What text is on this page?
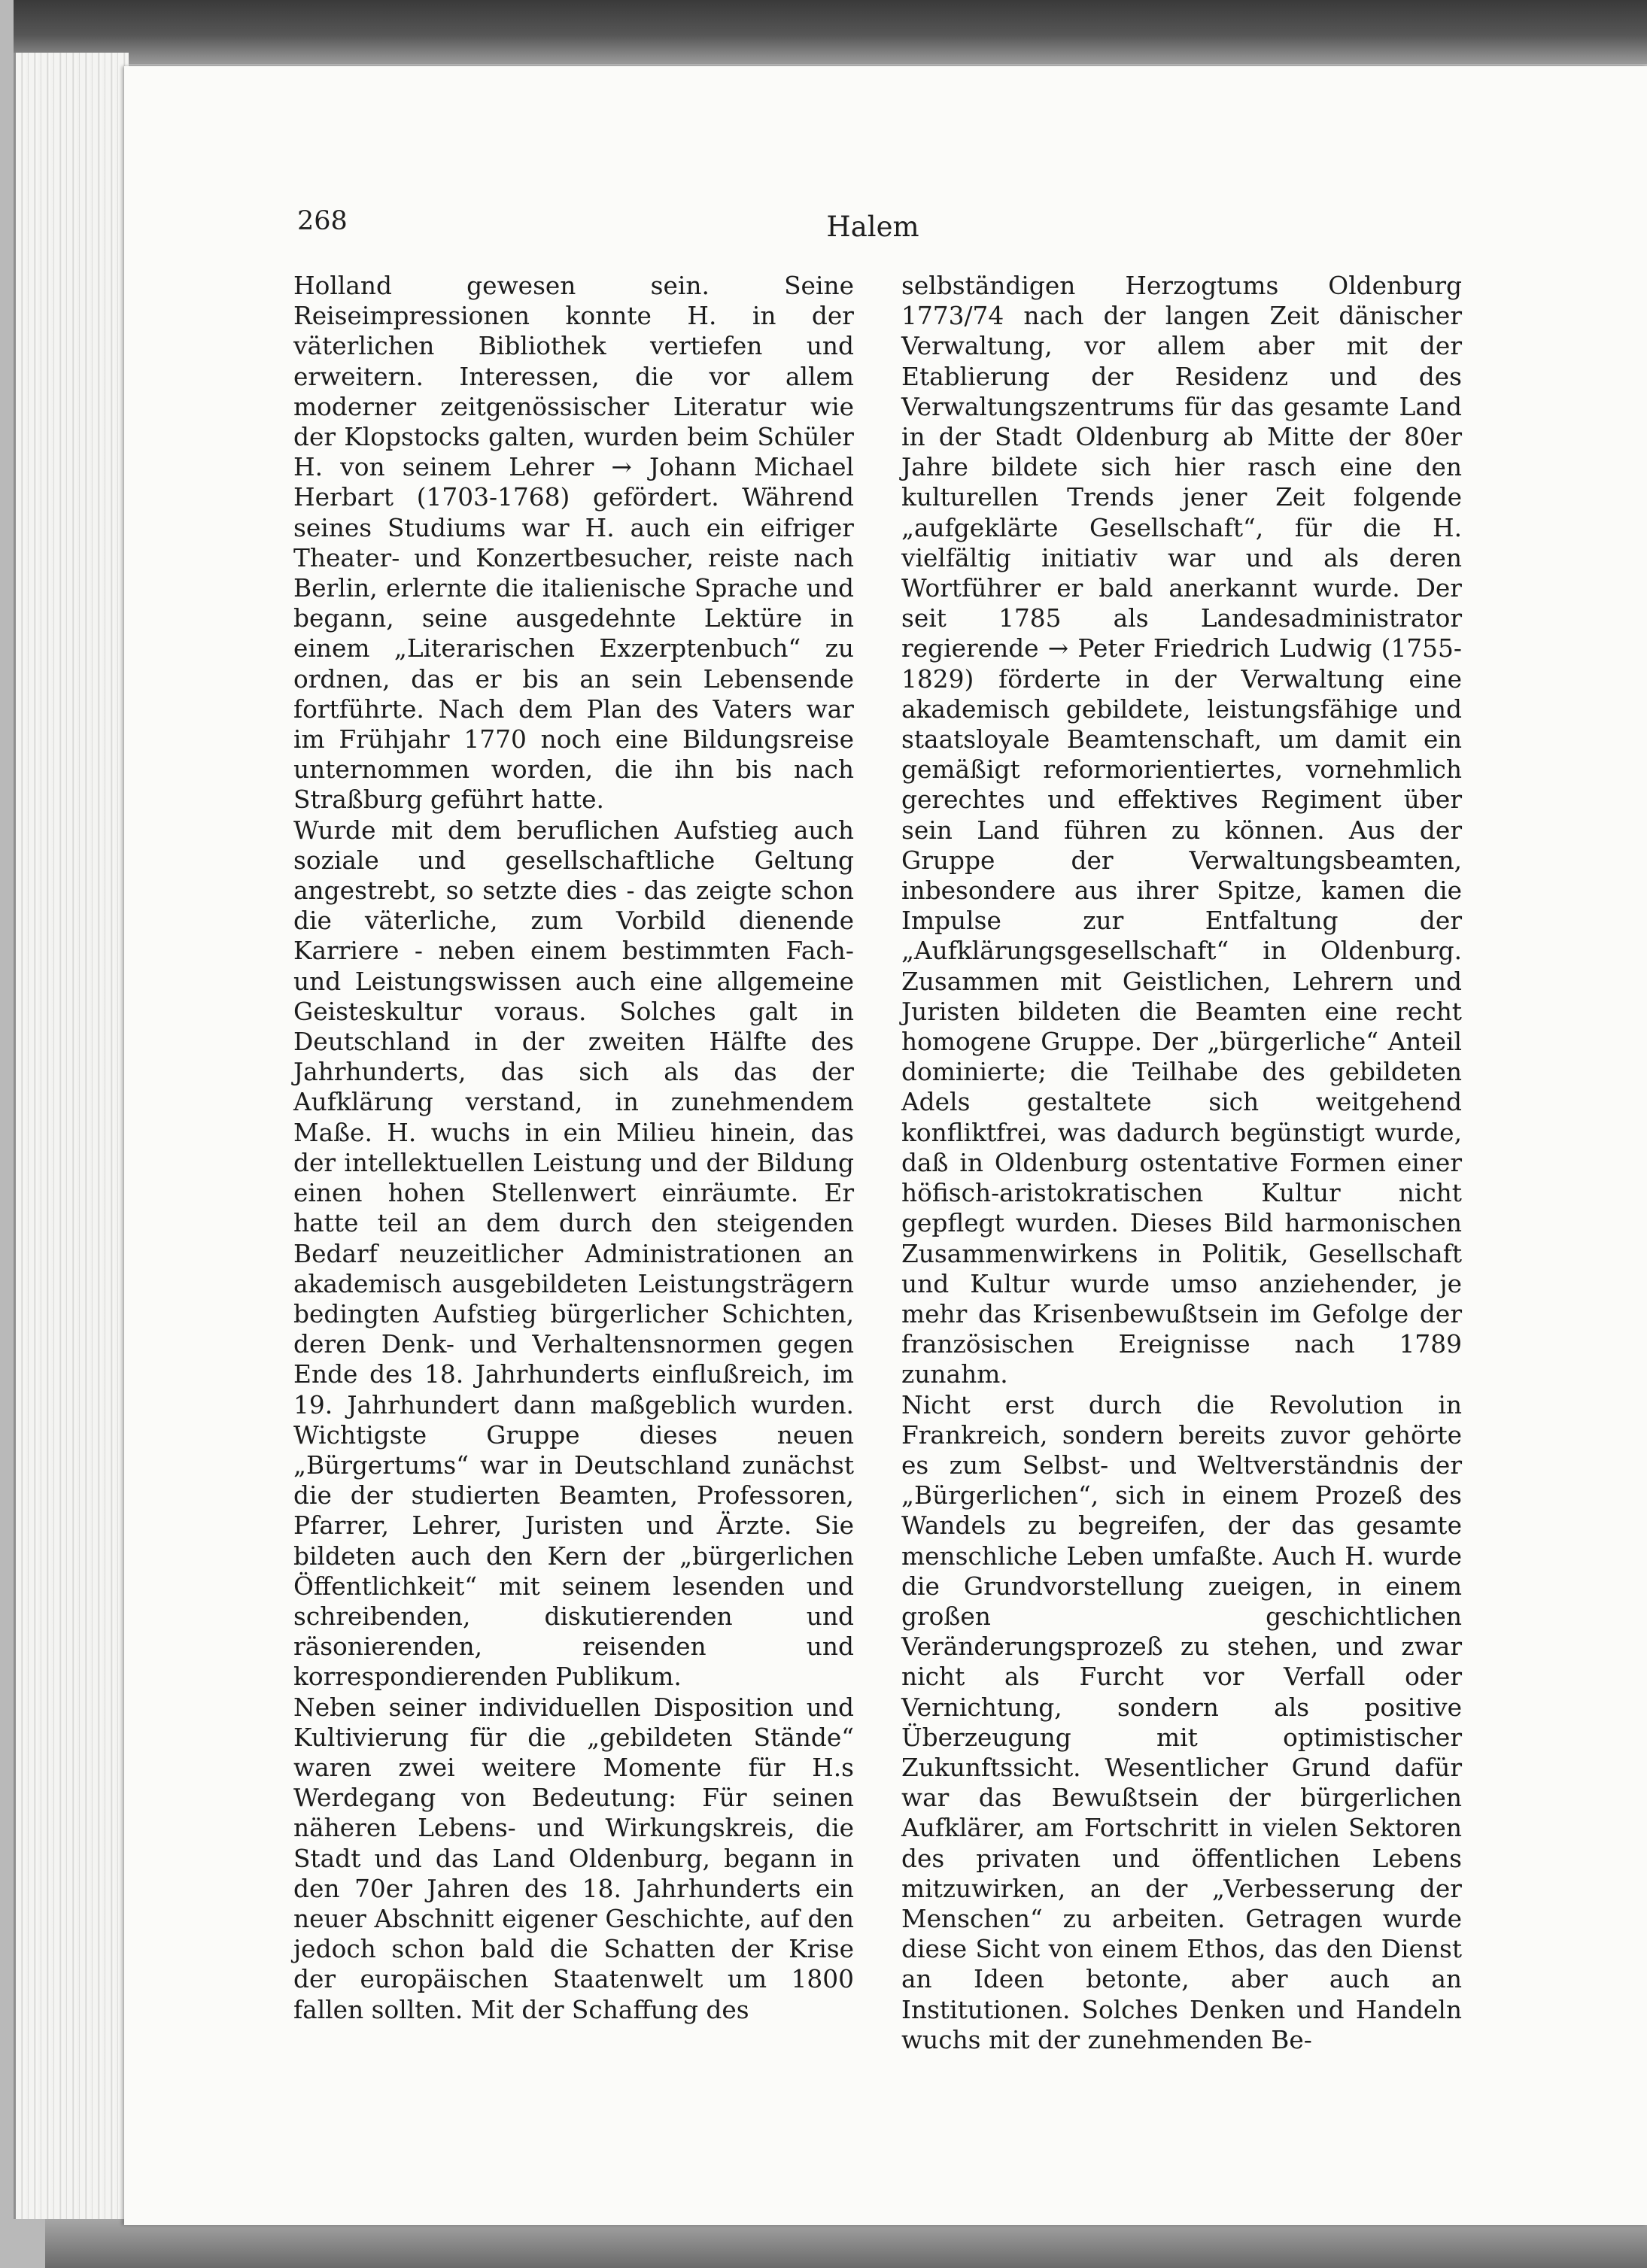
268	Halem

Holland gewesen sein. Seine Reiseimpressionen konnte H. in der väterlichen Bibliothek vertiefen und erweitern. Interessen, die vor allem moderner zeitgenössischer Literatur wie der Klopstocks galten, wurden beim Schüler H. von seinem Lehrer → Johann Michael Herbart (1703-1768) gefördert. Während seines Studiums war H. auch ein eifriger Theater- und Konzertbesucher, reiste nach Berlin, erlernte die italienische Sprache und begann, seine ausgedehnte Lektüre in einem „Literarischen Exzerptenbuch“ zu ordnen, das er bis an sein Lebensende fortführte. Nach dem Plan des Vaters war im Frühjahr 1770 noch eine Bildungsreise unternommen worden, die ihn bis nach Straßburg geführt hatte.

Wurde mit dem beruflichen Aufstieg auch soziale und gesellschaftliche Geltung angestrebt, so setzte dies - das zeigte schon die väterliche, zum Vorbild dienende Karriere - neben einem bestimmten Fach- und Leistungswissen auch eine allgemeine Geisteskultur voraus. Solches galt in Deutschland in der zweiten Hälfte des Jahrhunderts, das sich als das der Aufklärung verstand, in zunehmendem Maße. H. wuchs in ein Milieu hinein, das der intellektuellen Leistung und der Bildung einen hohen Stellenwert einräumte. Er hatte teil an dem durch den steigenden Bedarf neuzeitlicher Administrationen an akademisch ausgebildeten Leistungsträgern bedingten Aufstieg bürgerlicher Schichten, deren Denk- und Verhaltensnormen gegen Ende des 18. Jahrhunderts einflußreich, im 19. Jahrhundert dann maßgeblich wurden. Wichtigste Gruppe dieses neuen „Bürgertums“ war in Deutschland zunächst die der studierten Beamten, Professoren, Pfarrer, Lehrer, Juristen und Ärzte. Sie bildeten auch den Kern der „bürgerlichen Öffentlichkeit“ mit seinem lesenden und schreibenden, diskutierenden und räsonierenden, reisenden und korrespondierenden Publikum.

Neben seiner individuellen Disposition und Kultivierung für die „gebildeten Stände“ waren zwei weitere Momente für H.s Werdegang von Bedeutung: Für seinen näheren Lebens- und Wirkungskreis, die Stadt und das Land Oldenburg, begann in den 70er Jahren des 18. Jahrhunderts ein neuer Abschnitt eigener Geschichte, auf den jedoch schon bald die Schatten der Krise der europäischen Staatenwelt um 1800 fallen sollten. Mit der Schaffung des

selbständigen Herzogtums Oldenburg 1773/74 nach der langen Zeit dänischer Verwaltung, vor allem aber mit der Etablierung der Residenz und des Verwaltungszentrums für das gesamte Land in der Stadt Oldenburg ab Mitte der 80er Jahre bildete sich hier rasch eine den kulturellen Trends jener Zeit folgende „aufgeklärte Gesellschaft“, für die H. vielfältig initiativ war und als deren Wortführer er bald anerkannt wurde. Der seit 1785 als Landesadministrator regierende → Peter Friedrich Ludwig (1755-1829) förderte in der Verwaltung eine akademisch gebildete, leistungsfähige und staatsloyale Beamtenschaft, um damit ein gemäßigt reformorientiertes, vornehmlich gerechtes und effektives Regiment über sein Land führen zu können. Aus der Gruppe der Verwaltungsbeamten, inbesondere aus ihrer Spitze, kamen die Impulse zur Entfaltung der „Aufklärungsgesellschaft“ in Oldenburg. Zusammen mit Geistlichen, Lehrern und Juristen bildeten die Beamten eine recht homogene Gruppe. Der „bürgerliche“ Anteil dominierte; die Teilhabe des gebildeten Adels gestaltete sich weitgehend konfliktfrei, was dadurch begünstigt wurde, daß in Oldenburg ostentative Formen einer höfisch-aristokratischen Kultur nicht gepflegt wurden. Dieses Bild harmonischen Zusammenwirkens in Politik, Gesellschaft und Kultur wurde umso anziehender, je mehr das Krisenbewußtsein im Gefolge der französischen Ereignisse nach 1789 zunahm.

Nicht erst durch die Revolution in Frankreich, sondern bereits zuvor gehörte es zum Selbst- und Weltverständnis der „Bürgerlichen“, sich in einem Prozeß des Wandels zu begreifen, der das gesamte menschliche Leben umfaßte. Auch H. wurde die Grundvorstellung zueigen, in einem großen geschichtlichen Veränderungsprozeß zu stehen, und zwar nicht als Furcht vor Verfall oder Vernichtung, sondern als positive Überzeugung mit optimistischer Zukunftssicht. Wesentlicher Grund dafür war das Bewußtsein der bürgerlichen Aufklärer, am Fortschritt in vielen Sektoren des privaten und öffentlichen Lebens mitzuwirken, an der „Verbesserung der Menschen“ zu arbeiten. Getragen wurde diese Sicht von einem Ethos, das den Dienst an Ideen betonte, aber auch an Institutionen. Solches Denken und Handeln wuchs mit der zunehmenden Be-
